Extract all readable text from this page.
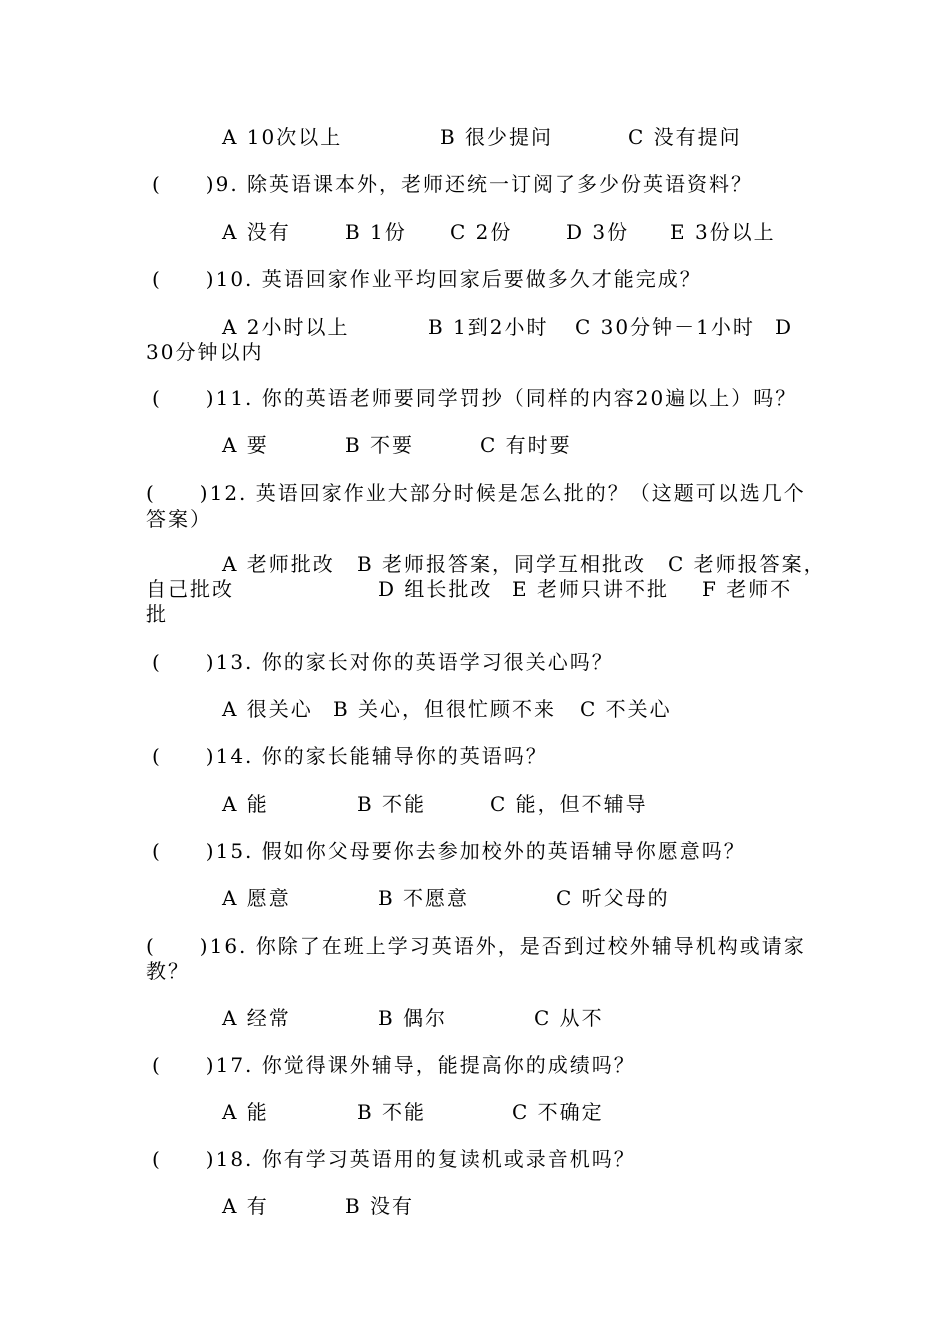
A 10次以上	B 很少提问	C 没有提问
(　　)9. 除英语课本外，老师还统一订阅了多少份英语资料？
A 没有	B 1份 C 2份	D 3份 E 3份以上
(　　)10. 英语回家作业平均回家后要做多久才能完成？
A 2小时以上	B 1到2小时 C 30分钟－1小时 D
30分钟以内
(　　)11. 你的英语老师要同学罚抄（同样的内容20遍以上）吗？
A 要	B 不要	C 有时要
(　　)12. 英语回家作业大部分时候是怎么批的？（这题可以选几个
答案）
A 老师批改 B 老师报答案，同学互相批改 C 老师报答案，
自己批改	D 组长批改 E 老师只讲不批 F 老师不
批
(　　)13. 你的家长对你的英语学习很关心吗？
A 很关心 B 关心，但很忙顾不来 C 不关心
(　　)14. 你的家长能辅导你的英语吗？
A 能	B 不能	C 能，但不辅导
(　　)15. 假如你父母要你去参加校外的英语辅导你愿意吗？
A 愿意	B 不愿意	C 听父母的
(　　)16. 你除了在班上学习英语外，是否到过校外辅导机构或请家
教？
A 经常	B 偶尔	C 从不
(　　)17. 你觉得课外辅导，能提高你的成绩吗？
A 能	B 不能	C 不确定
(　　)18. 你有学习英语用的复读机或录音机吗？
A 有	B 没有
